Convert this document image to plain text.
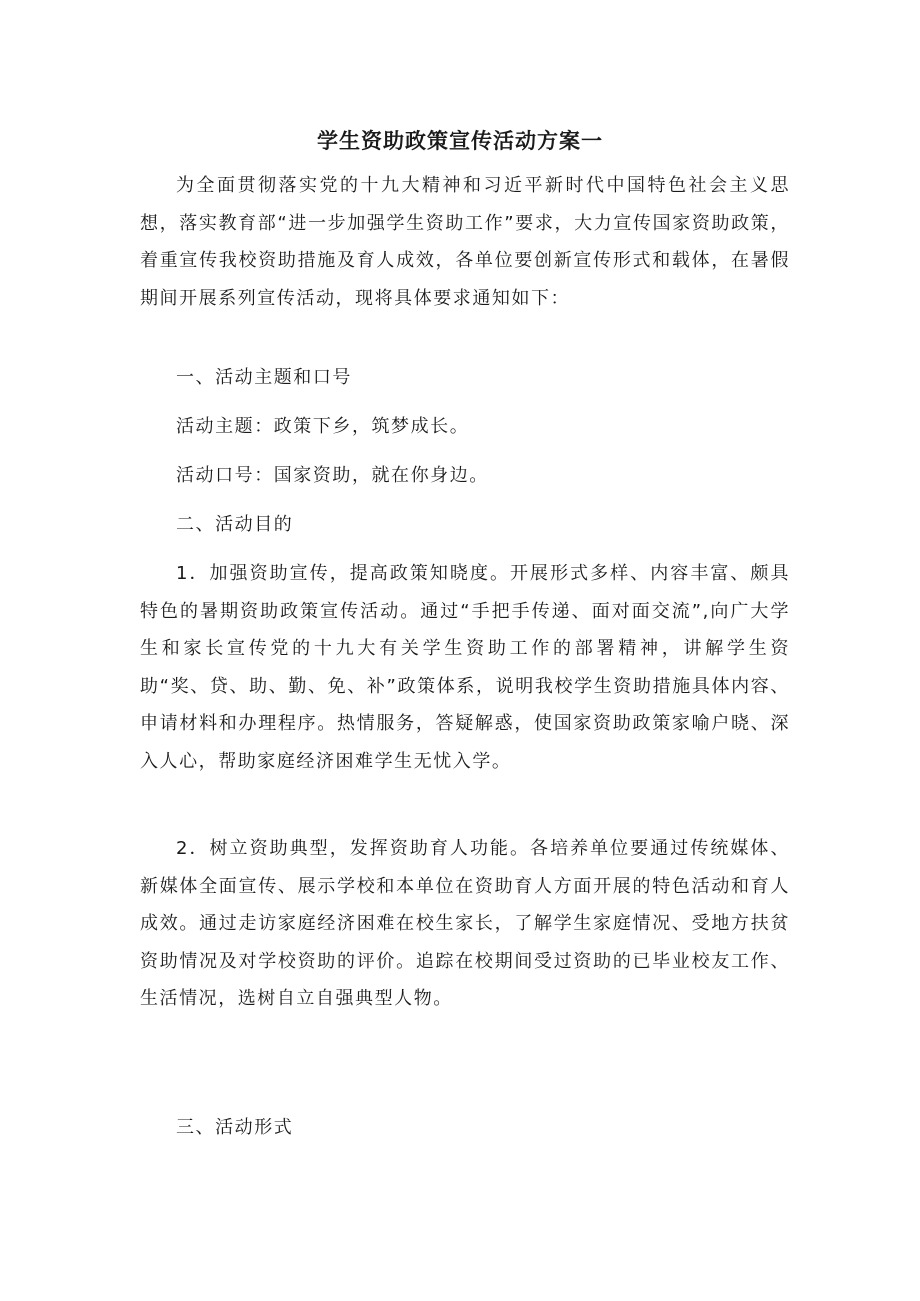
学生资助政策宣传活动方案一

为全面贯彻落实党的十九大精神和习近平新时代中国特色社会主义思想，落实教育部“进一步加强学生资助工作”要求，大力宣传国家资助政策，着重宣传我校资助措施及育人成效，各单位要创新宣传形式和载体，在暑假期间开展系列宣传活动，现将具体要求通知如下：

一、活动主题和口号

活动主题：政策下乡，筑梦成长。

活动口号：国家资助，就在你身边。

二、活动目的

1．加强资助宣传，提高政策知晓度。开展形式多样、内容丰富、颇具特色的暑期资助政策宣传活动。通过“手把手传递、面对面交流”,向广大学生和家长宣传党的十九大有关学生资助工作的部署精神，讲解学生资助“奖、贷、助、勤、免、补”政策体系，说明我校学生资助措施具体内容、申请材料和办理程序。热情服务，答疑解惑，使国家资助政策家喻户晓、深入人心，帮助家庭经济困难学生无忧入学。

2．树立资助典型，发挥资助育人功能。各培养单位要通过传统媒体、新媒体全面宣传、展示学校和本单位在资助育人方面开展的特色活动和育人成效。通过走访家庭经济困难在校生家长，了解学生家庭情况、受地方扶贫资助情况及对学校资助的评价。追踪在校期间受过资助的已毕业校友工作、生活情况，选树自立自强典型人物。

三、活动形式
